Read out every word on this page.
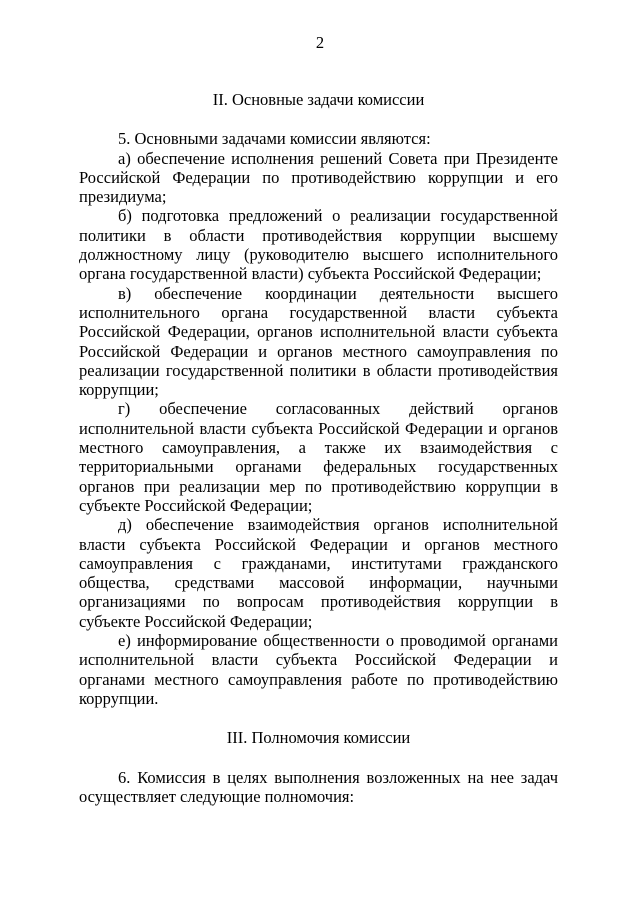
2
II. Основные задачи комиссии

5. Основными задачами комиссии являются:

а) обеспечение исполнения решений Совета при Президенте Российской Федерации по противодействию коррупции и его президиума;

б) подготовка предложений о реализации государственной политики в области противодействия коррупции высшему должностному лицу (руководителю высшего исполнительного органа государственной власти) субъекта Российской Федерации;

в) обеспечение координации деятельности высшего исполнительного органа государственной власти субъекта Российской Федерации, органов исполнительной власти субъекта Российской Федерации и органов местного самоуправления по реализации государственной политики в области противодействия коррупции;

г) обеспечение согласованных действий органов исполнительной власти субъекта Российской Федерации и органов местного самоуправления, а также их взаимодействия с территориальными органами федеральных государственных органов при реализации мер по противодействию коррупции в субъекте Российской Федерации;

д) обеспечение взаимодействия органов исполнительной власти субъекта Российской Федерации и органов местного самоуправления с гражданами, институтами гражданского общества, средствами массовой информации, научными организациями по вопросам противодействия коррупции в субъекте Российской Федерации;

е) информирование общественности о проводимой органами исполнительной власти субъекта Российской Федерации и органами местного самоуправления работе по противодействию коррупции.

III. Полномочия комиссии

6. Комиссия в целях выполнения возложенных на нее задач осуществляет следующие полномочия:
